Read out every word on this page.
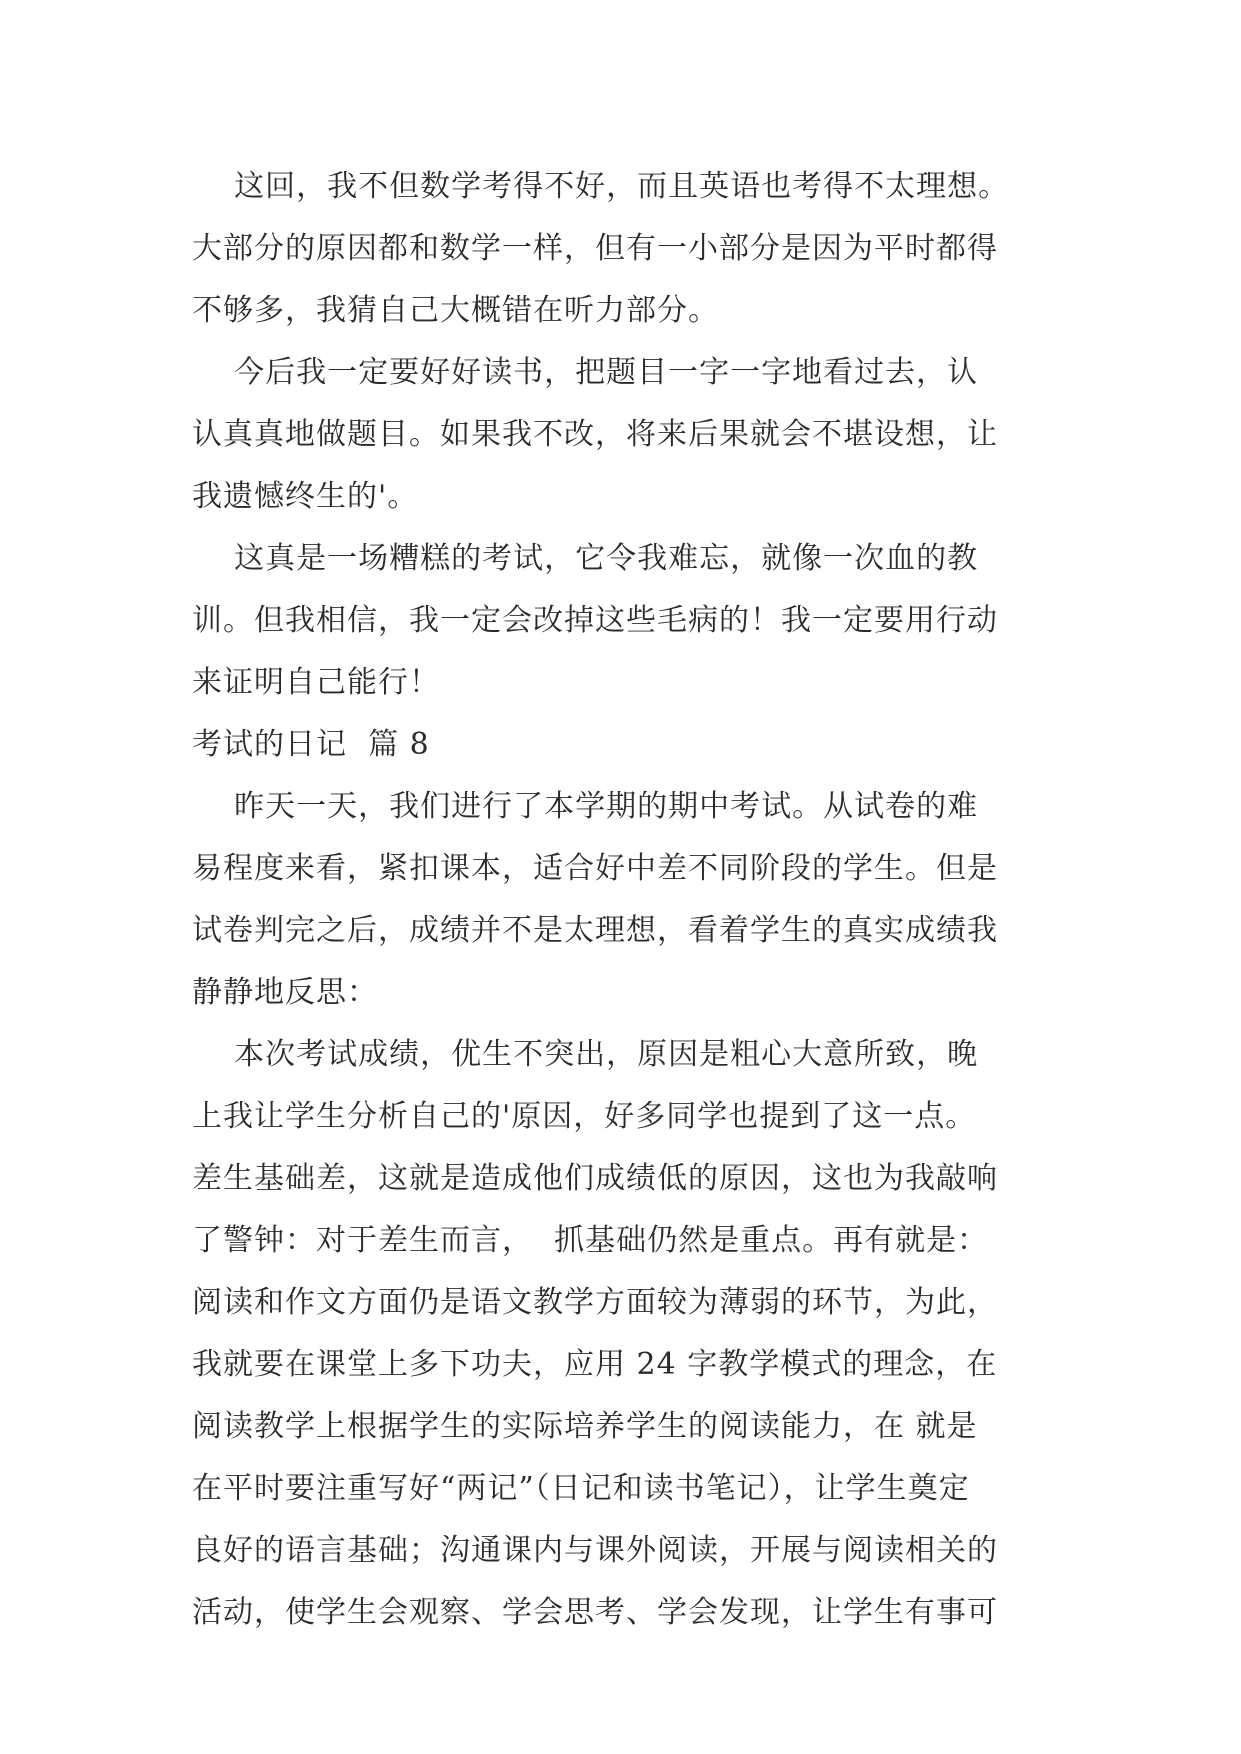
这回，我不但数学考得不好，而且英语也考得不太理想。
大部分的原因都和数学一样，但有一小部分是因为平时都得
不够多，我猜自己大概错在听力部分。
今后我一定要好好读书，把题目一字一字地看过去，认
认真真地做题目。如果我不改，将来后果就会不堪设想，让
我遗憾终生的'。
这真是一场糟糕的考试，它令我难忘，就像一次血的教
训。但我相信，我一定会改掉这些毛病的！我一定要用行动
来证明自己能行！
考试的日记  篇 8
昨天一天，我们进行了本学期的期中考试。从试卷的难
易程度来看，紧扣课本，适合好中差不同阶段的学生。但是
试卷判完之后，成绩并不是太理想，看着学生的真实成绩我
静静地反思：
本次考试成绩，优生不突出，原因是粗心大意所致，晚
上我让学生分析自己的'原因，好多同学也提到了这一点。
差生基础差，这就是造成他们成绩低的原因，这也为我敲响
了警钟：对于差生而言，  抓基础仍然是重点。再有就是：
阅读和作文方面仍是语文教学方面较为薄弱的环节，为此，
我就要在课堂上多下功夫，应用 24 字教学模式的理念，在
阅读教学上根据学生的实际培养学生的阅读能力，在 就是
在平时要注重写好“两记”（日记和读书笔记），让学生奠定
良好的语言基础；沟通课内与课外阅读，开展与阅读相关的
活动，使学生会观察、学会思考、学会发现，让学生有事可
